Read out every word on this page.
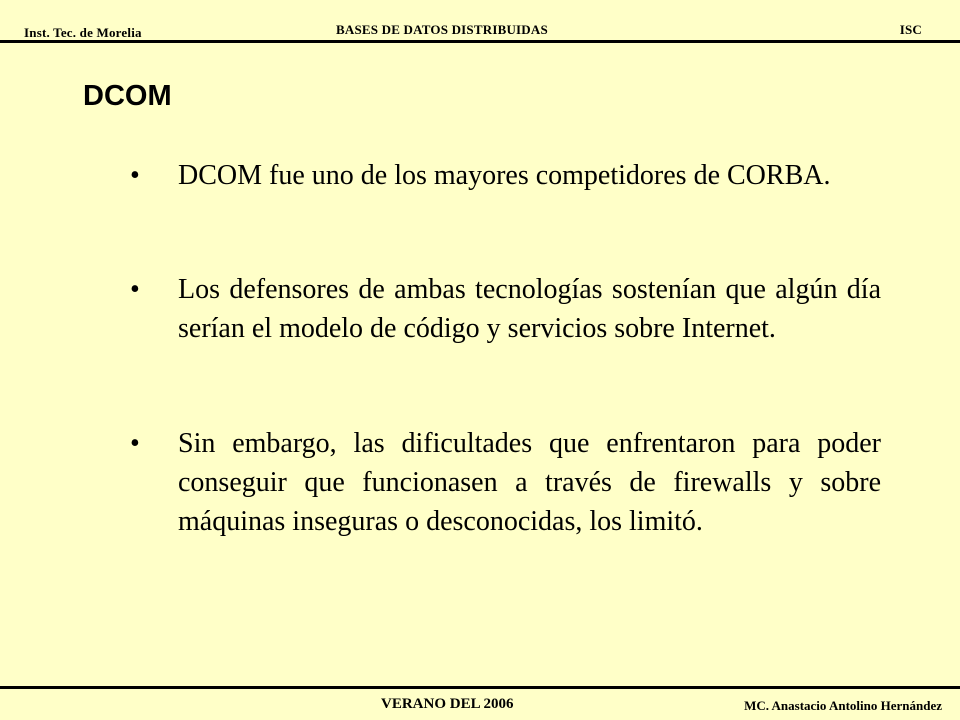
Inst. Tec. de Morelia	BASES DE DATOS DISTRIBUIDAS	ISC
DCOM
• DCOM fue uno de los mayores competidores de CORBA.
• Los defensores de ambas tecnologías sostenían que algún día serían el modelo de código y servicios sobre Internet.
• Sin embargo, las dificultades que enfrentaron para poder conseguir que funcionasen a través de firewalls y sobre máquinas inseguras o desconocidas, los limitó.
VERANO DEL 2006	MC. Anastacio Antolino Hernández
